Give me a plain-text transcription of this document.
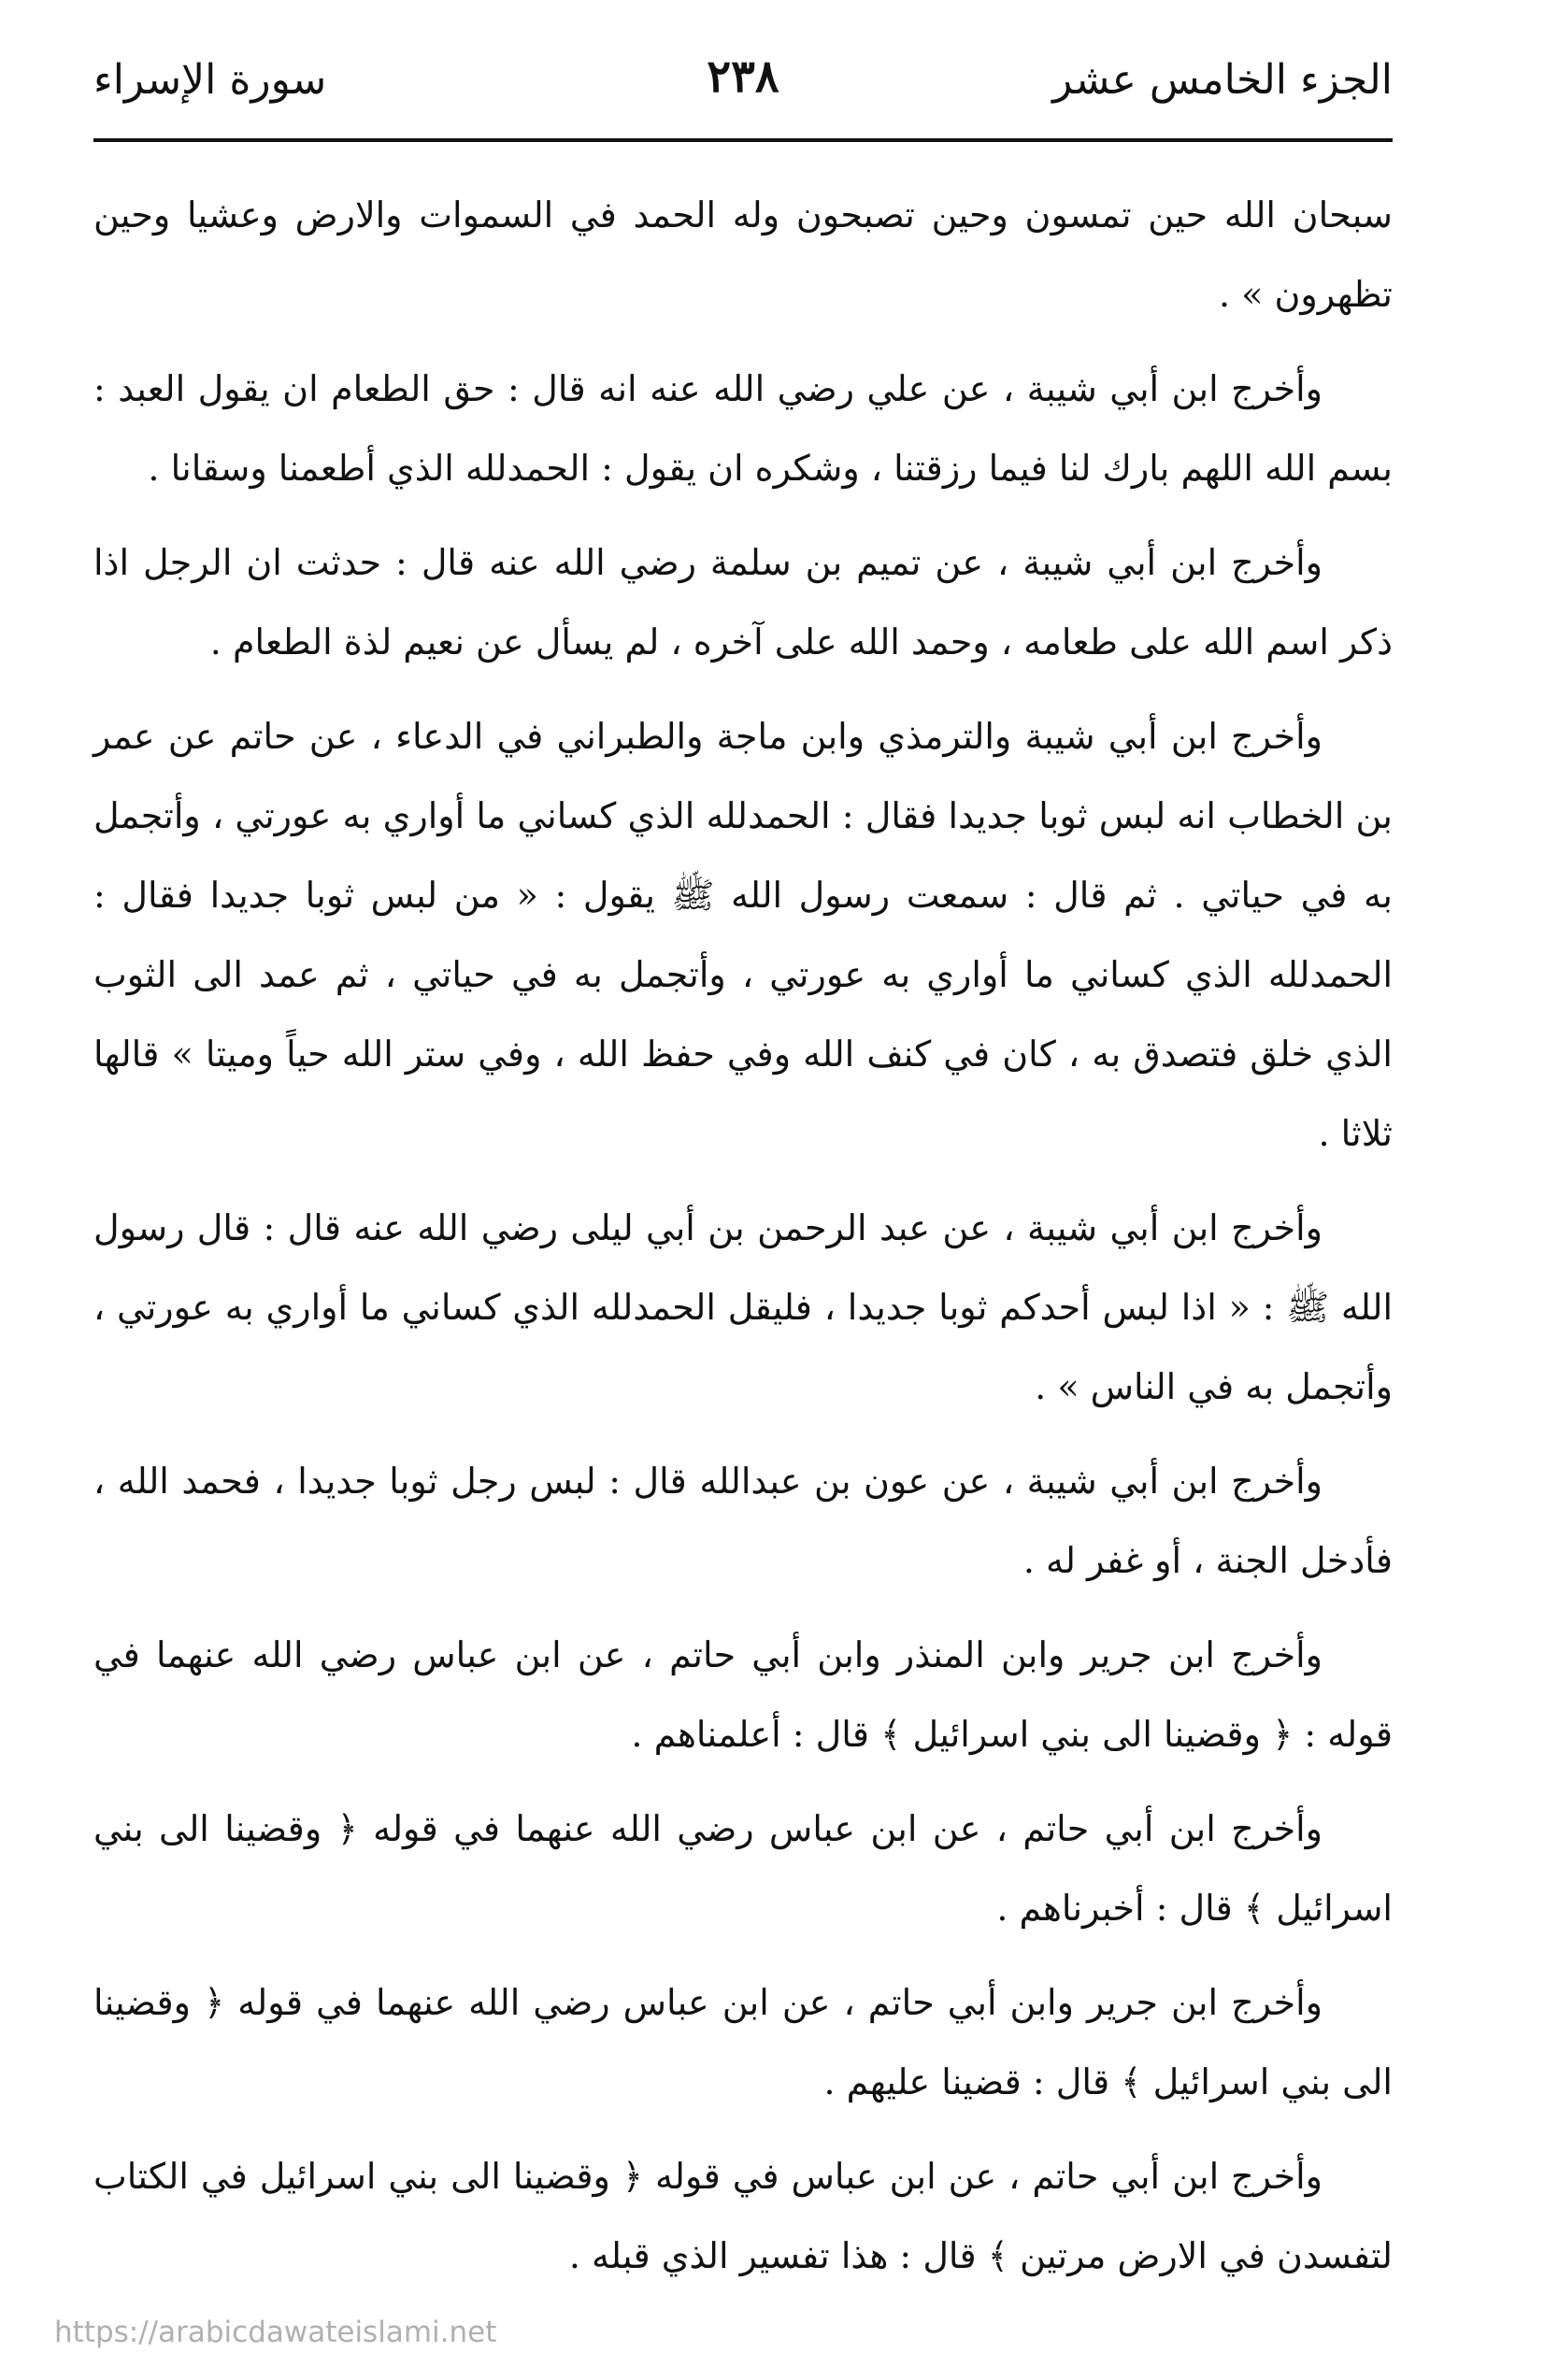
الجزء الخامس عشر
٢٣٨
سورة الإسراء

سبحان الله حين تمسون وحين تصبحون وله الحمد في السموات والارض وعشيا وحين تظهرون » .

وأخرج ابن أبي شيبة ، عن علي رضي الله عنه انه قال : حق الطعام ان يقول العبد : بسم الله اللهم بارك لنا فيما رزقتنا ، وشكره ان يقول : الحمدلله الذي أطعمنا وسقانا .

وأخرج ابن أبي شيبة ، عن تميم بن سلمة رضي الله عنه قال : حدثت ان الرجل اذا ذكر اسم الله على طعامه ، وحمد الله على آخره ، لم يسأل عن نعيم لذة الطعام .

وأخرج ابن أبي شيبة والترمذي وابن ماجة والطبراني في الدعاء ، عن حاتم عن عمر بن الخطاب انه لبس ثوبا جديدا فقال : الحمدلله الذي كساني ما أواري به عورتي ، وأتجمل به في حياتي . ثم قال : سمعت رسول الله ﷺ يقول : « من لبس ثوبا جديدا فقال : الحمدلله الذي كساني ما أواري به عورتي ، وأتجمل به في حياتي ، ثم عمد الى الثوب الذي خلق فتصدق به ، كان في كنف الله وفي حفظ الله ، وفي ستر الله حياً وميتا » قالها ثلاثا .

وأخرج ابن أبي شيبة ، عن عبد الرحمن بن أبي ليلى رضي الله عنه قال : قال رسول الله ﷺ : « اذا لبس أحدكم ثوبا جديدا ، فليقل الحمدلله الذي كساني ما أواري به عورتي ، وأتجمل به في الناس » .

وأخرج ابن أبي شيبة ، عن عون بن عبدالله قال : لبس رجل ثوبا جديدا ، فحمد الله ، فأدخل الجنة ، أو غفر له .

وأخرج ابن جرير وابن المنذر وابن أبي حاتم ، عن ابن عباس رضي الله عنهما في قوله : ﴿ وقضينا الى بني اسرائيل ﴾ قال : أعلمناهم .

وأخرج ابن أبي حاتم ، عن ابن عباس رضي الله عنهما في قوله ﴿ وقضينا الى بني اسرائيل ﴾ قال : أخبرناهم .

وأخرج ابن جرير وابن أبي حاتم ، عن ابن عباس رضي الله عنهما في قوله ﴿ وقضينا الى بني اسرائيل ﴾ قال : قضينا عليهم .

وأخرج ابن أبي حاتم ، عن ابن عباس في قوله ﴿ وقضينا الى بني اسرائيل في الكتاب لتفسدن في الارض مرتين ﴾ قال : هذا تفسير الذي قبله .

https://arabicdawateislami.net
